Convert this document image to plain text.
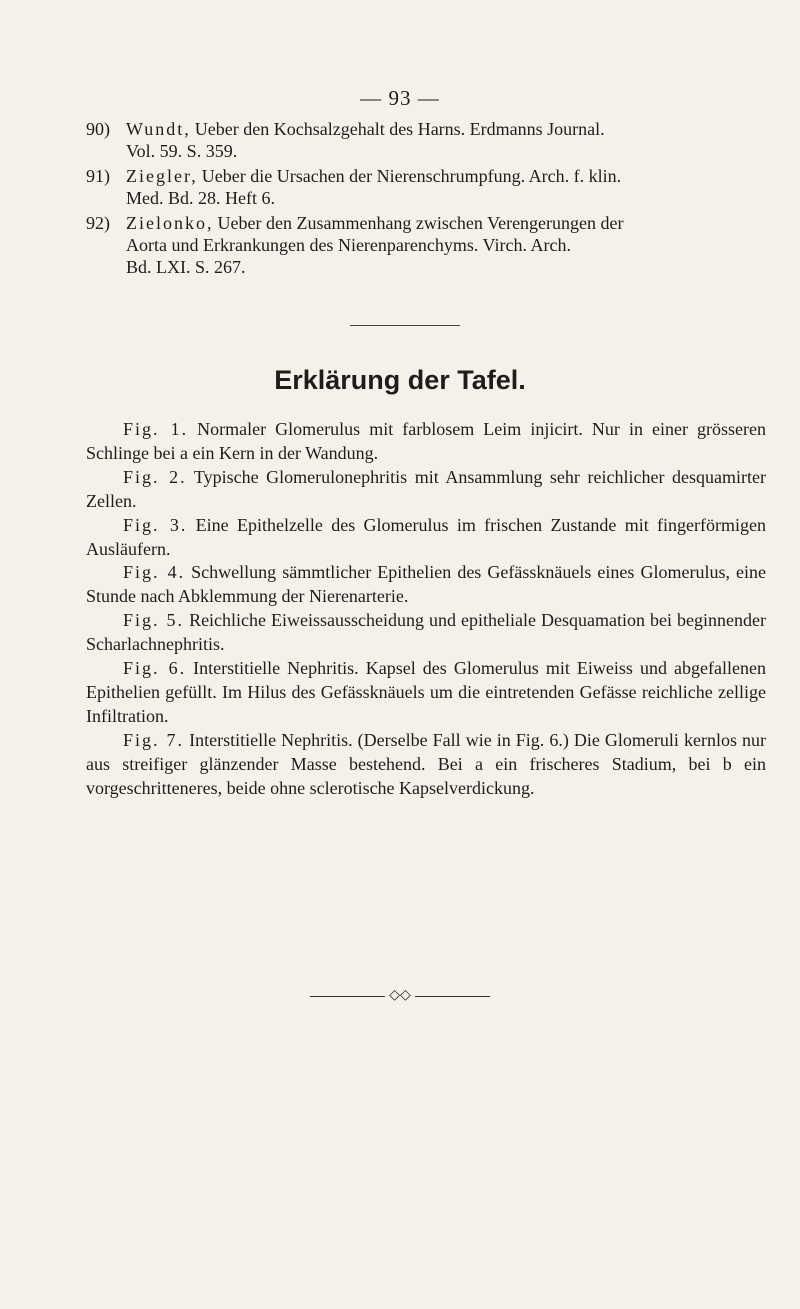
— 93 —
90) Wundt, Ueber den Kochsalzgehalt des Harns. Erdmanns Journal.
Vol. 59. S. 359.
91) Ziegler, Ueber die Ursachen der Nierenschrumpfung. Arch. f. klin.
Med. Bd. 28. Heft 6.
92) Zielonko, Ueber den Zusammenhang zwischen Verengerungen der
Aorta und Erkrankungen des Nierenparenchyms. Virch. Arch.
Bd. LXI. S. 267.
Erklärung der Tafel.

Fig. 1. Normaler Glomerulus mit farblosem Leim injicirt. Nur in einer grösseren Schlinge bei a ein Kern in der Wandung.

Fig. 2. Typische Glomerulonephritis mit Ansammlung sehr reichlicher desquamirter Zellen.

Fig. 3. Eine Epithelzelle des Glomerulus im frischen Zustande mit fingerförmigen Ausläufern.

Fig. 4. Schwellung sämmtlicher Epithelien des Gefässknäuels eines Glomerulus, eine Stunde nach Abklemmung der Nierenarterie.

Fig. 5. Reichliche Eiweissausscheidung und epitheliale Desquamation bei beginnender Scharlachnephritis.

Fig. 6. Interstitielle Nephritis. Kapsel des Glomerulus mit Eiweiss und abgefallenen Epithelien gefüllt. Im Hilus des Gefässknäuels um die eintretenden Gefässe reichliche zellige Infiltration.

Fig. 7. Interstitielle Nephritis. (Derselbe Fall wie in Fig. 6.) Die Glomeruli kernlos nur aus streifiger glänzender Masse bestehend. Bei a ein frischeres Stadium, bei b ein vorgeschritteneres, beide ohne sclerotische Kapselverdickung.

◇◇
